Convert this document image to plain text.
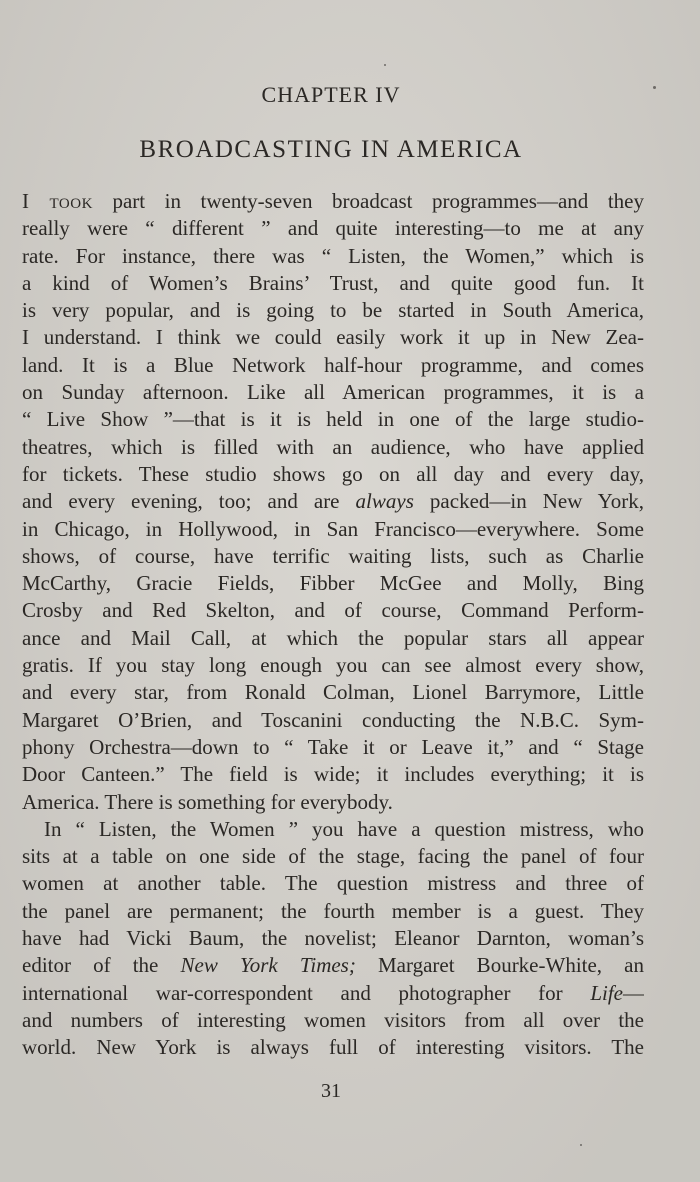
CHAPTER IV
BROADCASTING IN AMERICA
I took part in twenty-seven broadcast programmes—and they
really were “ different ” and quite interesting—to me at any
rate. For instance, there was “ Listen, the Women,” which is
a kind of Women’s Brains’ Trust, and quite good fun. It
is very popular, and is going to be started in South America,
I understand. I think we could easily work it up in New Zea-
land. It is a Blue Network half-hour programme, and comes
on Sunday afternoon. Like all American programmes, it is a
“ Live Show ”—that is it is held in one of the large studio-
theatres, which is filled with an audience, who have applied
for tickets. These studio shows go on all day and every day,
and every evening, too; and are always packed—in New York,
in Chicago, in Hollywood, in San Francisco—everywhere. Some
shows, of course, have terrific waiting lists, such as Charlie
McCarthy, Gracie Fields, Fibber McGee and Molly, Bing
Crosby and Red Skelton, and of course, Command Perform-
ance and Mail Call, at which the popular stars all appear
gratis. If you stay long enough you can see almost every show,
and every star, from Ronald Colman, Lionel Barrymore, Little
Margaret O’Brien, and Toscanini conducting the N.B.C. Sym-
phony Orchestra—down to “ Take it or Leave it,” and “ Stage
Door Canteen.” The field is wide; it includes everything; it is
America. There is something for everybody.
In “ Listen, the Women ” you have a question mistress, who
sits at a table on one side of the stage, facing the panel of four
women at another table. The question mistress and three of
the panel are permanent; the fourth member is a guest. They
have had Vicki Baum, the novelist; Eleanor Darnton, woman’s
editor of the New York Times; Margaret Bourke-White, an
international war-correspondent and photographer for Life—
and numbers of interesting women visitors from all over the
world. New York is always full of interesting visitors. The
31
